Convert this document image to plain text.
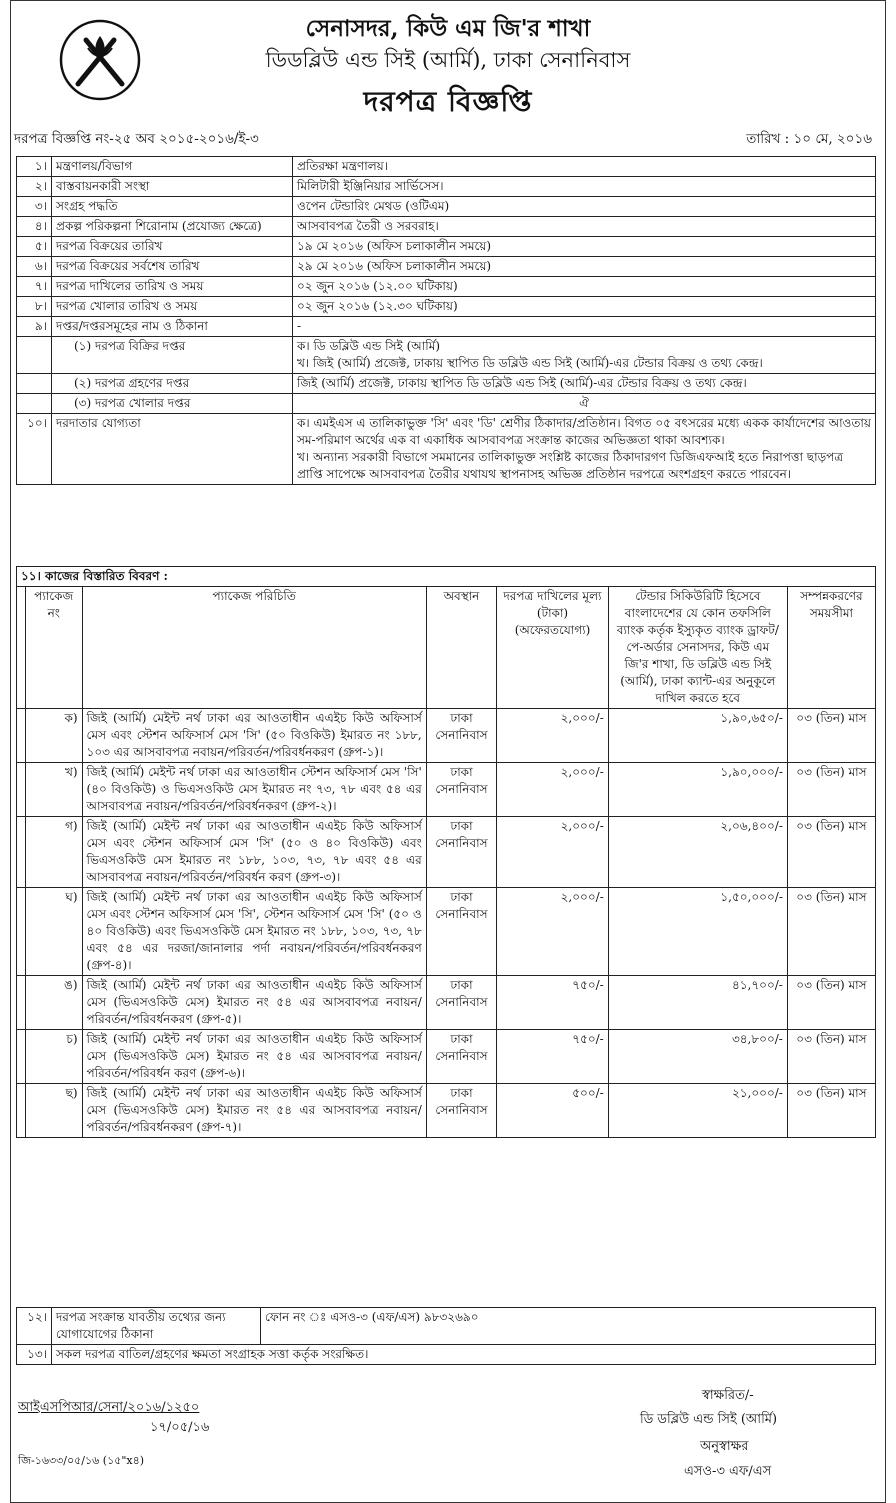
সেনাসদর, কিউ এম জি'র শাখা
ডিডব্লিউ এন্ড সিই (আর্মি), ঢাকা সেনানিবাস
দরপত্র বিজ্ঞপ্তি
দরপত্র বিজ্ঞপ্তি নং-২৫ অব ২০১৫-২০১৬/ই-৩	তারিখ : ১০ মে, ২০১৬
১।	মন্ত্রণালয়/বিভাগ	প্রতিরক্ষা মন্ত্রণালয়।
২।	বাস্তবায়নকারী সংস্থা	মিলিটারী ইঞ্জিনিয়ার সার্ভিসেস।
৩।	সংগ্রহ পদ্ধতি	ওপেন টেন্ডারিং মেথড (ওটিএম)
৪।	প্রকল্প পরিকল্পনা শিরোনাম (প্রযোজ্য ক্ষেত্রে)	আসবাবপত্র তৈরী ও সরবরাহ।
৫।	দরপত্র বিক্রয়ের তারিখ	১৯ মে ২০১৬ (অফিস চলাকালীন সময়ে)
৬।	দরপত্র বিক্রয়ের সর্বশেষ তারিখ	২৯ মে ২০১৬ (অফিস চলাকালীন সময়ে)
৭।	দরপত্র দাখিলের তারিখ ও সময়	০২ জুন ২০১৬ (১২.০০ ঘটিকায়)
৮।	দরপত্র খোলার তারিখ ও সময়	০২ জুন ২০১৬ (১২.৩০ ঘটিকায়)
৯।	দপ্তর/দপ্তরসমূহের নাম ও ঠিকানা	-
	(১) দরপত্র বিক্রির দপ্তর	ক। ডি ডব্লিউ এন্ড সিই (আর্মি)
খ। জিই (আর্মি) প্রজেক্ট, ঢাকায় স্থাপিত ডি ডব্লিউ এন্ড সিই (আর্মি)-এর টেন্ডার বিক্রয় ও তথ্য কেন্দ্র।

	(২) দরপত্র গ্রহণের দপ্তর	জিই (আর্মি) প্রজেক্ট, ঢাকায় স্থাপিত ডি ডব্লিউ এন্ড সিই (আর্মি)-এর টেন্ডার বিক্রয় ও তথ্য কেন্দ্র।

	(৩) দরপত্র খোলার দপ্তর	ঐ

১০।	দরদাতার যোগ্যতা	ক। এমইএস এ তালিকাভুক্ত 'সি' এবং 'ডি' শ্রেণীর ঠিকাদার/প্রতিষ্ঠান। বিগত ০৫ বৎসরের মধ্যে একক কার্যাদেশের আওতায় সম-পরিমাণ অর্থের এক বা একাধিক আসবাবপত্র সংক্রান্ত কাজের অভিজ্ঞতা থাকা আবশ্যক।
খ। অন্যান্য সরকারী বিভাগে সমমানের তালিকাভুক্ত সংশ্লিষ্ট কাজের ঠিকাদারগণ ডিজিএফআই হতে নিরাপত্তা ছাড়পত্র প্রাপ্তি সাপেক্ষে আসবাবপত্র তৈরীর যথাযথ স্থাপনাসহ অভিজ্ঞ প্রতিষ্ঠান দরপত্রে অংশগ্রহণ করতে পারবেন।
১১। কাজের বিস্তারিত বিবরণ :						
	প্যাকেজ নং	প্যাকেজ পরিচিতি	অবস্থান	দরপত্র দাখিলের মূল্য (টাকা) (অফেরতযোগ্য)	টেন্ডার সিকিউরিটি হিসেবে বাংলাদেশের যে কোন তফসিলি ব্যাংক কর্তৃক ইস্যুকৃত ব্যাংক ড্রাফট/পে-অর্ডার সেনাসদর, কিউ এম জি'র শাখা, ডি ডব্লিউ এন্ড সিই (আর্মি), ঢাকা ক্যান্ট-এর অনুকূলে দাখিল করতে হবে	সম্পন্নকরণের সময়সীমা
	ক)	জিই (আর্মি) মেইন্ট নর্থ ঢাকা এর আওতাধীন এএইচ কিউ অফিসার্স মেস এবং স্টেশন অফিসার্স মেস 'সি' (৫০ বিওকিউ) ইমারত নং ১৮৮, ১০৩ এর আসবাবপত্র নবায়ন/পরিবর্তন/পরিবর্ধনকরণ (গ্রুপ-১)।	ঢাকা সেনানিবাস	২,০০০/-	১,৯০,৬৫০/-	০৩ (তিন) মাস
	খ)	জিই (আর্মি) মেইন্ট নর্থ ঢাকা এর আওতাধীন স্টেশন অফিসার্স মেস 'সি' (৪০ বিওকিউ) ও ভিএসওকিউ মেস ইমারত নং ৭৩, ৭৮ এবং ৫৪ এর আসবাবপত্র নবায়ন/পরিবর্তন/পরিবর্ধনকরণ (গ্রুপ-২)।	ঢাকা সেনানিবাস	২,০০০/-	১,৯০,০০০/-	০৩ (তিন) মাস
	গ)	জিই (আর্মি) মেইন্ট নর্থ ঢাকা এর আওতাধীন এএইচ কিউ অফিসার্স মেস এবং স্টেশন অফিসার্স মেস 'সি' (৫০ ও ৪০ বিওকিউ) এবং ভিএসওকিউ মেস ইমারত নং ১৮৮, ১০৩, ৭৩, ৭৮ এবং ৫৪ এর আসবাবপত্র নবায়ন/পরিবর্তন/পরিবর্ধন করণ (গ্রুপ-৩)।	ঢাকা সেনানিবাস	২,০০০/-	২,০৬,৪০০/-	০৩ (তিন) মাস
	ঘ)	জিই (আর্মি) মেইন্ট নর্থ ঢাকা এর আওতাধীন এএইচ কিউ অফিসার্স মেস এবং স্টেশন অফিসার্স মেস 'সি', স্টেশন অফিসার্স মেস 'সি' (৫০ ও ৪০ বিওকিউ) এবং ভিএসওকিউ মেস ইমারত নং ১৮৮, ১০৩, ৭৩, ৭৮ এবং ৫৪ এর দরজা/জানালার পর্দা নবায়ন/পরিবর্তন/পরিবর্ধনকরণ (গ্রুপ-৪)।	ঢাকা সেনানিবাস	২,০০০/-	১,৫০,০০০/-	০৩ (তিন) মাস
	ঙ)	জিই (আর্মি) মেইন্ট নর্থ ঢাকা এর আওতাধীন এএইচ কিউ অফিসার্স মেস (ভিএসওকিউ মেস) ইমারত নং ৫৪ এর আসবাবপত্র নবায়ন/পরিবর্তন/পরিবর্ধনকরণ (গ্রুপ-৫)।	ঢাকা সেনানিবাস	৭৫০/-	৪১,৭০০/-	০৩ (তিন) মাস
	চ)	জিই (আর্মি) মেইন্ট নর্থ ঢাকা এর আওতাধীন এএইচ কিউ অফিসার্স মেস (ভিএসওকিউ মেস) ইমারত নং ৫৪ এর আসবাবপত্র নবায়ন/পরিবর্তন/পরিবর্ধন করণ (গ্রুপ-৬)।	ঢাকা সেনানিবাস	৭৫০/-	৩৪,৮০০/-	০৩ (তিন) মাস
	ছ)	জিই (আর্মি) মেইন্ট নর্থ ঢাকা এর আওতাধীন এএইচ কিউ অফিসার্স মেস (ভিএসওকিউ মেস) ইমারত নং ৫৪ এর আসবাবপত্র নবায়ন/পরিবর্তন/পরিবর্ধনকরণ (গ্রুপ-৭)।	ঢাকা সেনানিবাস	৫০০/-	২১,০০০/-	০৩ (তিন) মাস
১২।	দরপত্র সংক্রান্ত যাবতীয় তথ্যের জন্য যোগাযোগের ঠিকানা	ফোন নং ঃ এসও-৩ (এফ/এস) ৯৮৩২৬৯০
১৩।	সকল দরপত্র বাতিল/গ্রহণের ক্ষমতা সংগ্রাহক সত্তা কর্তৃক সংরক্ষিত।	
আইএসপিআর/সেনা/২০১৬/১২৫০
১৭/০৫/১৬
জি-১৬৩৩/০৫/১৬ (১৫"x৪)
স্বাক্ষরিত/-
ডি ডব্লিউ এন্ড সিই (আর্মি)
অনুস্বাক্ষর
এসও-৩ এফ/এস
